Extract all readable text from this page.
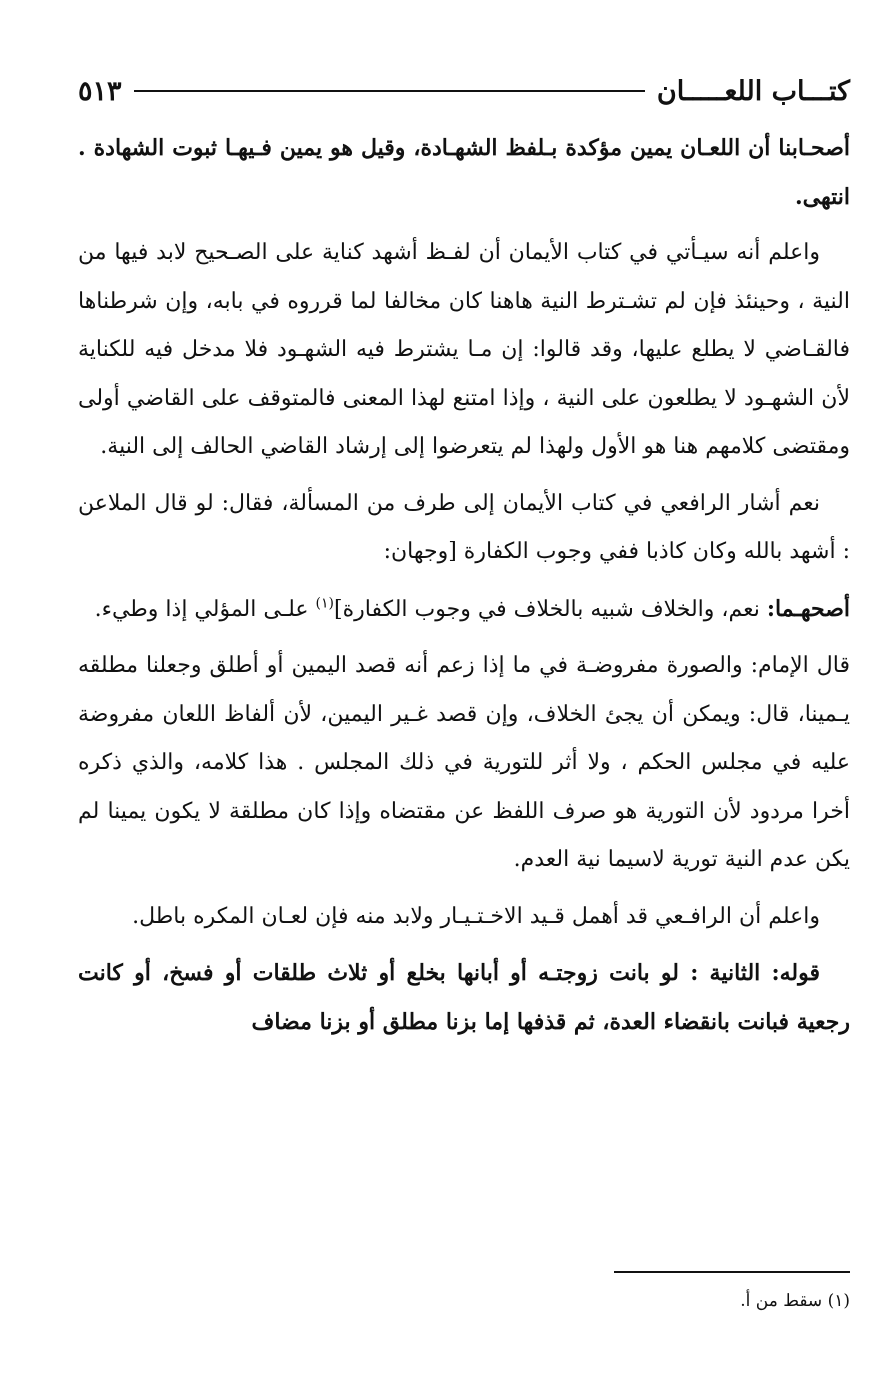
كتـــاب اللعـــــان
٥١٣

أصحـابنا أن اللعـان يمين مؤكدة بـلفظ الشهـادة، وقيل هو يمين فـيهـا ثبوت الشهادة . انتهى.

واعلم أنه سيـأتي في كتاب الأيمان أن لفـظ أشهد كناية على الصـحيح لابد فيها من النية ، وحينئذ فإن لم تشـترط النية هاهنا كان مخالفا لما قرروه في بابه، وإن شرطناها فالقـاضي لا يطلع عليها، وقد قالوا: إن مـا يشترط فيه الشهـود فلا مدخل فيه للكناية لأن الشهـود لا يطلعون على النية ، وإذا امتنع لهذا المعنى فالمتوقف على القاضي أولى ومقتضى كلامهم هنا هو الأول ولهذا لم يتعرضوا إلى إرشاد القاضي الحالف إلى النية.

نعم أشار الرافعي في كتاب الأيمان إلى طرف من المسألة، فقال: لو قال الملاعن : أشهد بالله وكان كاذبا ففي وجوب الكفارة [وجهان:

أصحهـما: نعم، والخلاف شبيه بالخلاف في وجوب الكفارة]$^{(١)}$ علـى المؤلي إذا وطيء.

قال الإمام: والصورة مفروضـة في ما إذا زعم أنه قصد اليمين أو أطلق وجعلنا مطلقه يـمينا، قال: ويمكن أن يجئ الخلاف، وإن قصد غـير اليمين، لأن ألفاظ اللعان مفروضة عليه في مجلس الحكم ، ولا أثر للتورية في ذلك المجلس . هذا كلامه، والذي ذكره أخرا مردود لأن التورية هو صرف اللفظ عن مقتضاه وإذا كان مطلقة لا يكون يمينا لم يكن عدم النية تورية لاسيما نية العدم.

واعلم أن الرافـعي قد أهمل قـيد الاخـتـيـار ولابد منه فإن لعـان المكره باطل.

قوله: الثانية : لو بانت زوجتـه أو أبانها بخلع أو ثلاث طلقات أو فسخ، أو كانت رجعية فبانت بانقضاء العدة، ثم قذفها إما بزنا مطلق أو بزنا مضاف

(١) سقط من أ.
